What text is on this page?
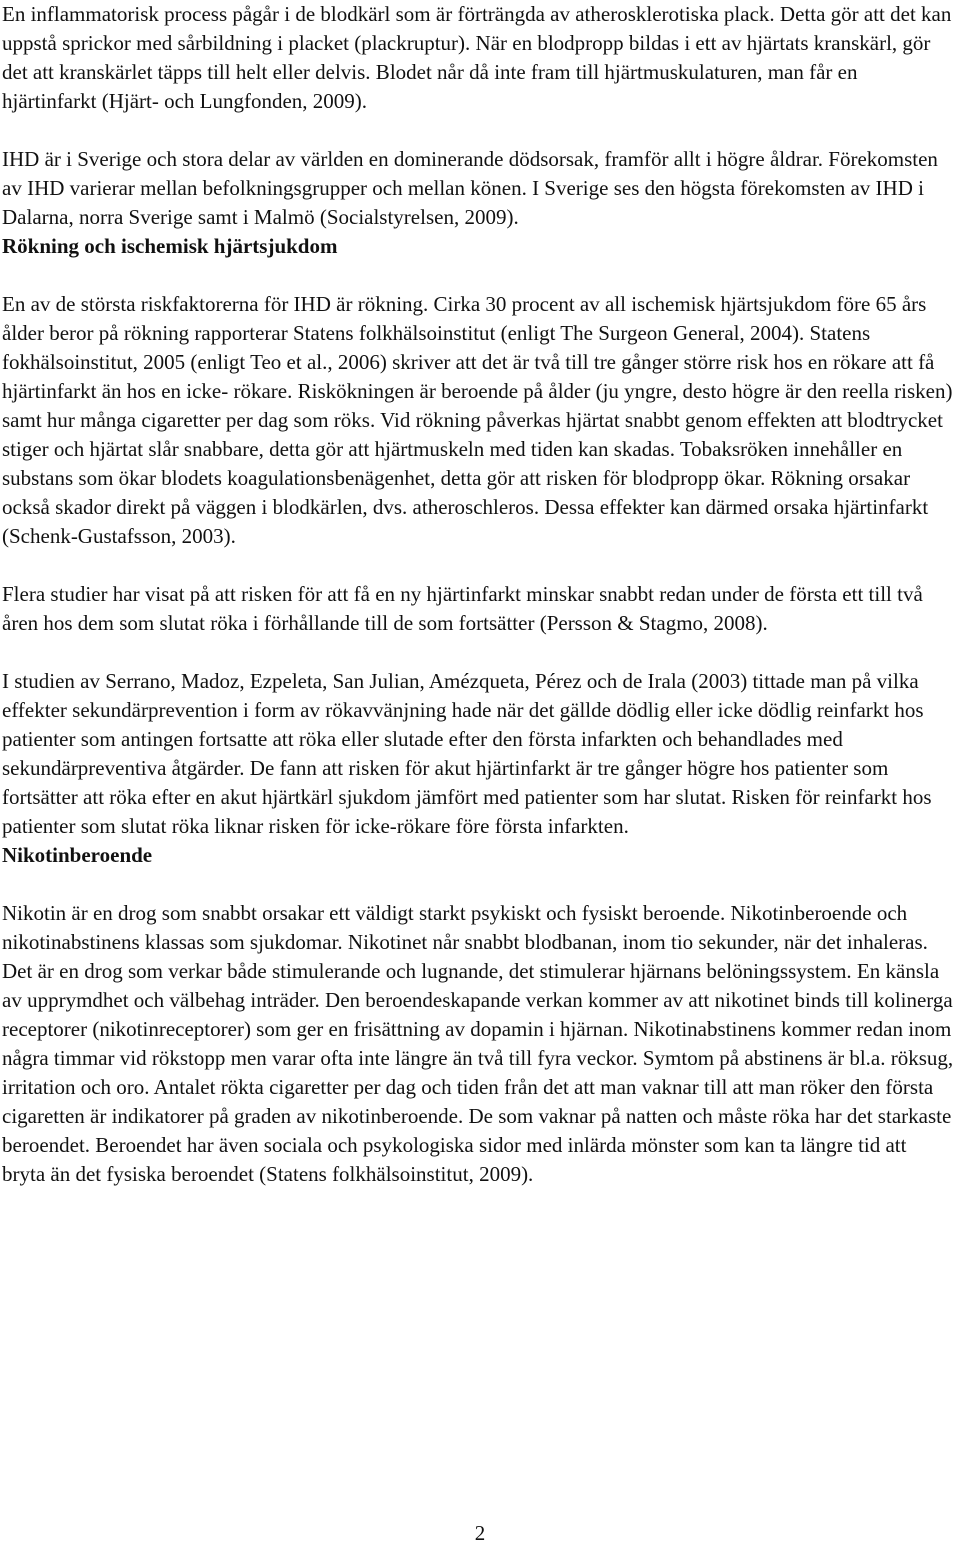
En inflammatorisk process pågår i de blodkärl som är förträngda av atherosklerotiska plack. Detta gör att det kan uppstå sprickor med sårbildning i placket (plackruptur). När en blodpropp bildas i ett av hjärtats kranskärl, gör det att kranskärlet täpps till helt eller delvis. Blodet når då inte fram till hjärtmuskulaturen, man får en hjärtinfarkt (Hjärt- och Lungfonden, 2009).

IHD är i Sverige och stora delar av världen en dominerande dödsorsak, framför allt i högre åldrar. Förekomsten av IHD varierar mellan befolkningsgrupper och mellan könen. I Sverige ses den högsta förekomsten av IHD i Dalarna, norra Sverige samt i Malmö (Socialstyrelsen, 2009).

Rökning och ischemisk hjärtsjukdom

En av de största riskfaktorerna för IHD är rökning. Cirka 30 procent av all ischemisk hjärtsjukdom före 65 års ålder beror på rökning rapporterar Statens folkhälsoinstitut (enligt The Surgeon General, 2004). Statens fokhälsoinstitut, 2005 (enligt Teo et al., 2006) skriver att det är två till tre gånger större risk hos en rökare att få hjärtinfarkt än hos en icke- rökare. Riskökningen är beroende på ålder (ju yngre, desto högre är den reella risken) samt hur många cigaretter per dag som röks. Vid rökning påverkas hjärtat snabbt genom effekten att blodtrycket stiger och hjärtat slår snabbare, detta gör att hjärtmuskeln med tiden kan skadas. Tobaksröken innehåller en substans som ökar blodets koagulationsbenägenhet, detta gör att risken för blodpropp ökar. Rökning orsakar också skador direkt på väggen i blodkärlen, dvs. atheroschleros. Dessa effekter kan därmed orsaka hjärtinfarkt (Schenk-Gustafsson, 2003).

Flera studier har visat på att risken för att få en ny hjärtinfarkt minskar snabbt redan under de första ett till två åren hos dem som slutat röka i förhållande till de som fortsätter (Persson & Stagmo, 2008).

I studien av Serrano, Madoz, Ezpeleta, San Julian, Amézqueta, Pérez och de Irala (2003) tittade man på vilka effekter sekundärprevention i form av rökavvänjning hade när det gällde dödlig eller icke dödlig reinfarkt hos patienter som antingen fortsatte att röka eller slutade efter den första infarkten och behandlades med sekundärpreventiva åtgärder. De fann att risken för akut hjärtinfarkt är tre gånger högre hos patienter som fortsätter att röka efter en akut hjärtkärl sjukdom jämfört med patienter som har slutat. Risken för reinfarkt hos patienter som slutat röka liknar risken för icke-rökare före första infarkten.

Nikotinberoende

Nikotin är en drog som snabbt orsakar ett väldigt starkt psykiskt och fysiskt beroende. Nikotinberoende och nikotinabstinens klassas som sjukdomar. Nikotinet når snabbt blodbanan, inom tio sekunder, när det inhaleras. Det är en drog som verkar både stimulerande och lugnande, det stimulerar hjärnans belöningssystem. En känsla av upprymdhet och välbehag inträder. Den beroendeskapande verkan kommer av att nikotinet binds till kolinerga receptorer (nikotinreceptorer) som ger en frisättning av dopamin i hjärnan. Nikotinabstinens kommer redan inom några timmar vid rökstopp men varar ofta inte längre än två till fyra veckor. Symtom på abstinens är bl.a. röksug, irritation och oro. Antalet rökta cigaretter per dag och tiden från det att man vaknar till att man röker den första cigaretten är indikatorer på graden av nikotinberoende. De som vaknar på natten och måste röka har det starkaste beroendet. Beroendet har även sociala och psykologiska sidor med inlärda mönster som kan ta längre tid att bryta än det fysiska beroendet (Statens folkhälsoinstitut, 2009).

2
